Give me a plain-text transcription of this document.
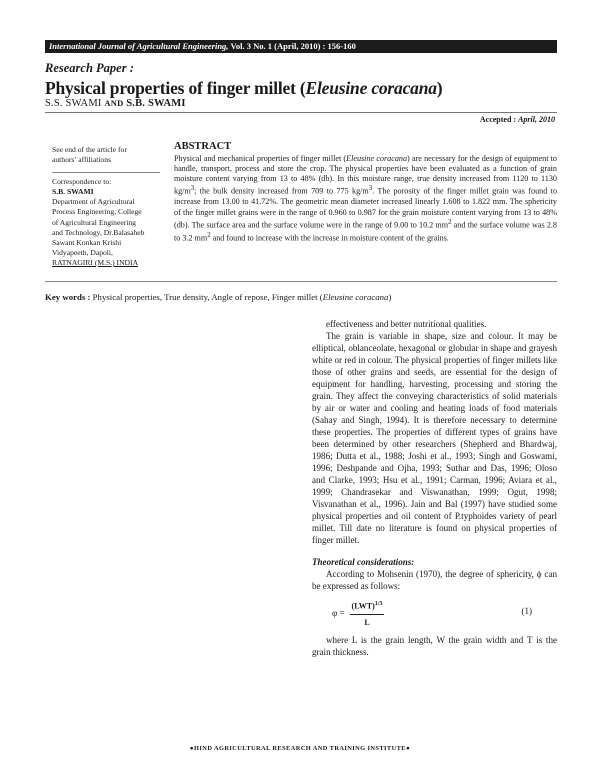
International Journal of Agricultural Engineering, Vol. 3 No. 1 (April, 2010) : 156-160
Research Paper :
Physical properties of finger millet (Eleusine coracana)
S.S. SWAMI AND S.B. SWAMI
Accepted : April, 2010
See end of the article for
authors’ affiliations
Correspondence to:
S.B. SWAMI
Department of Agricultural
Process Engineering, College
of Agricultural Engineering
and Technology, Dr.Balasaheb
Sawant Konkan Krishi
Vidyapeeth, Dapoli,
RATNAGIRI (M.S.) INDIA
ABSTRACT
Physical and mechanical properties of finger millet (Eleusine coracana) are necessary for the design of equipment to handle, transport, process and store the crop. The physical properties have been evaluated as a function of grain moisture content varying from 13 to 48% (db). In this moisture range, true density increased from 1120 to 1130 $kg/m^3$; the bulk density increased from 709 to 775 $kg/m^3$. The porosity of the finger millet grain was found to increase from 13.00 to 41.72%. The geometric mean diameter increased linearly 1.608 to 1.822 mm. The sphericity of the finger millet grains were in the range of 0.960 to 0.987 for the grain moisture content varying from 13 to 48% (db). The surface area and the surface volume were in the range of 9.00 to 10.2 $mm^2$ and the surface volume was 2.8 to 3.2 $mm^2$ and found to increase with the increase in moisture content of the grains.
Key words : Physical properties, True density, Angle of repose, Finger millet (Eleusine coracana)

effectiveness and better nutritional qualities.

The grain is variable in shape, size and colour. It may be elliptical, oblanceolate, hexagonal or globular in shape and grayesh white or red in colour. The physical properties of finger millets like those of other grains and seeds, are essential for the design of equipment for handling, harvesting, processing and storing the grain. They affect the conveying characteristics of solid materials by air or water and cooling and heating loads of food materials (Sahay and Singh, 1994). It is therefore necessary to determine these properties. The properties of different types of grains have been determined by other researchers (Shepherd and Bhardwaj, 1986; Dutta et al., 1988; Joshi et al., 1993; Singh and Goswami, 1996; Deshpande and Ojha, 1993; Suthar and Das, 1996; Oloso and Clarke, 1993; Hsu et al., 1991; Carman, 1996; Aviara et al., 1999; Chandrasekar and Viswanathan, 1999; Ogut, 1998; Visvanathan et al., 1996). Jain and Bal (1997) have studied some physical properties and oil content of P.typhoides variety of pearl millet. Till date no literature is found on physical properties of finger millet.

Theoretical considerations:

According to Mohsenin (1970), the degree of sphericity, ϕ can be expressed as follows:

φ =
(LWT)$^{1/3}$
L
(1)

where L is the grain length, W the grain width and T is the grain thickness.

●HIND AGRICULTURAL RESEARCH AND TRAINING INSTITUTE●
